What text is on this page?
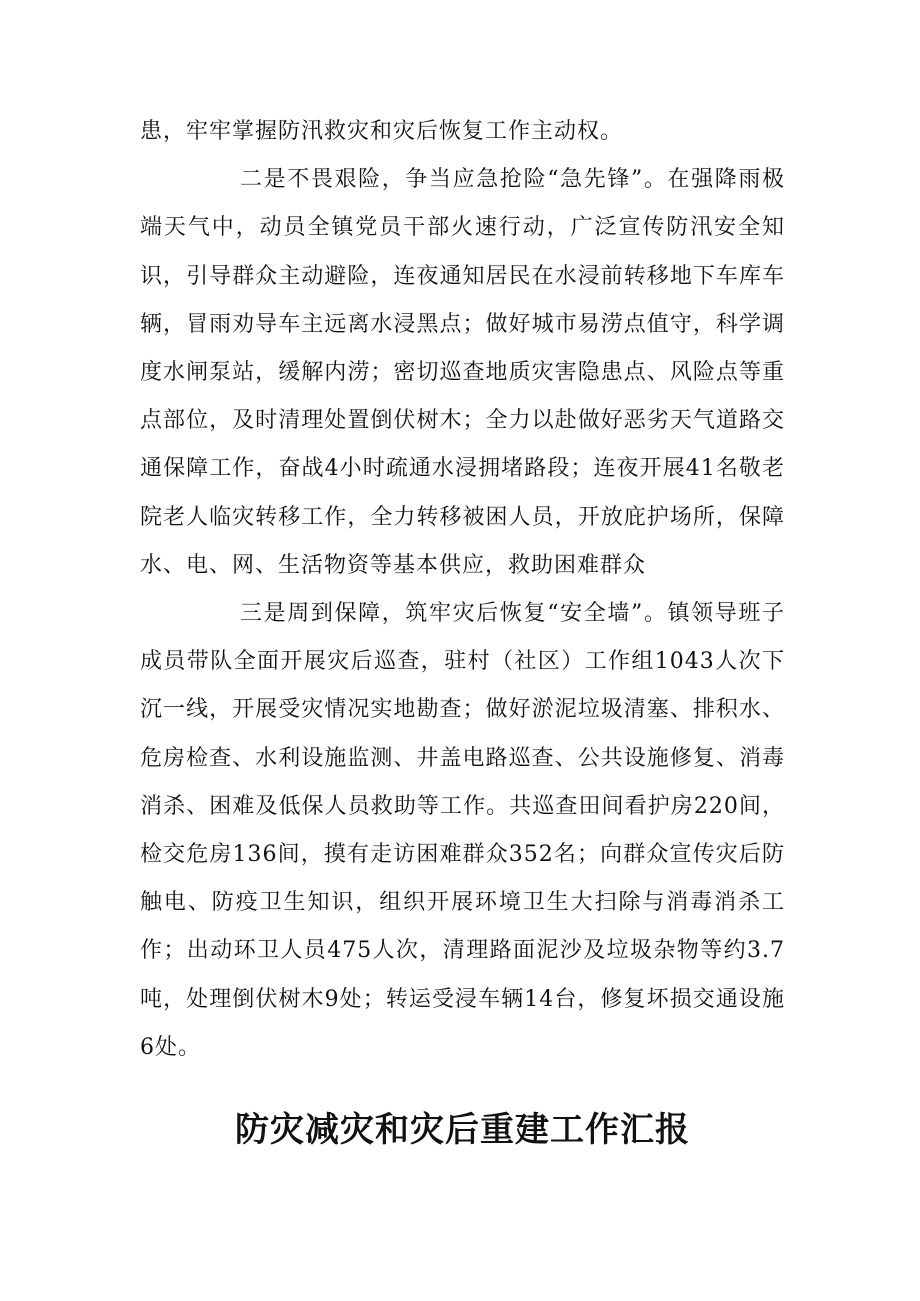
患，牢牢掌握防汛救灾和灾后恢复工作主动权。

二是不畏艰险，争当应急抢险“急先锋”。在强降雨极端天气中，动员全镇党员干部火速行动，广泛宣传防汛安全知识，引导群众主动避险，连夜通知居民在水浸前转移地下车库车辆，冒雨劝导车主远离水浸黑点；做好城市易涝点值守，科学调度水闸泵站，缓解内涝；密切巡查地质灾害隐患点、风险点等重点部位，及时清理处置倒伏树木；全力以赴做好恶劣天气道路交通保障工作，奋战4小时疏通水浸拥堵路段；连夜开展41名敬老院老人临灾转移工作，全力转移被困人员，开放庇护场所，保障水、电、网、生活物资等基本供应，救助困难群众

三是周到保障，筑牢灾后恢复“安全墙”。镇领导班子成员带队全面开展灾后巡查，驻村（社区）工作组1043人次下沉一线，开展受灾情况实地勘查；做好淤泥垃圾清塞、排积水、危房检查、水利设施监测、井盖电路巡查、公共设施修复、消毒消杀、困难及低保人员救助等工作。共巡查田间看护房220间，检交危房136间，摸有走访困难群众352名；向群众宣传灾后防触电、防疫卫生知识，组织开展环境卫生大扫除与消毒消杀工作；出动环卫人员475人次，清理路面泥沙及垃圾杂物等约3.7吨，处理倒伏树木9处；转运受浸车辆14台，修复坏损交通设施6处。

防灾减灾和灾后重建工作汇报
